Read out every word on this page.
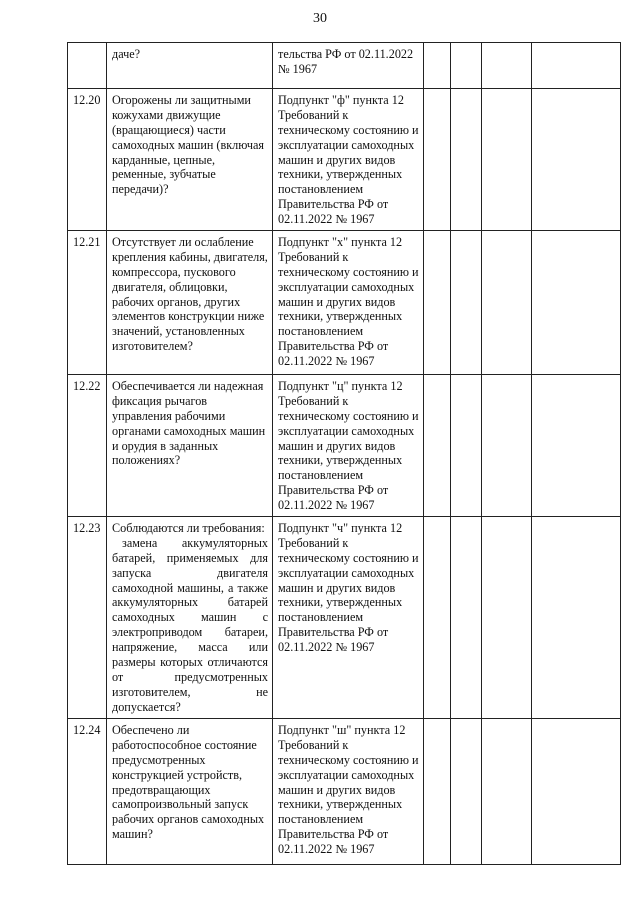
30
	даче?	тельства РФ от 02.11.2022 № 1967				
12.20	Огорожены ли защитными кожухами движущие (вращающиеся) части самоходных машин (включая карданные, цепные, ременные, зубчатые передачи)?	Подпункт "ф" пункта 12 Требований к техническому состоянию и эксплуатации самоходных машин и других видов техники, утвержденных постановлением Правительства РФ от 02.11.2022 № 1967				
12.21	Отсутствует ли ослабление крепления кабины, двигателя, компрессора, пускового двигателя, облицовки, рабочих органов, других элементов конструкции ниже значений, установленных изготовителем?	Подпункт "х" пункта 12 Требований к техническому состоянию и эксплуатации самоходных машин и других видов техники, утвержденных постановлением Правительства РФ от 02.11.2022 № 1967				
12.22	Обеспечивается ли надежная фиксация рычагов управления рабочими органами самоходных машин и орудия в заданных положениях?	Подпункт "ц" пункта 12 Требований к техническому состоянию и эксплуатации самоходных машин и других видов техники, утвержденных постановлением Правительства РФ от 02.11.2022 № 1967				
12.23	Соблюдаются ли требования:
замена аккумуляторных батарей, применяемых для запуска двигателя самоходной машины, а также аккумуляторных батарей самоходных машин с электроприводом батареи, напряжение, масса или размеры которых отличаются от предусмотренных изготовителем, не допускается?	Подпункт "ч" пункта 12 Требований к техническому состоянию и эксплуатации самоходных машин и других видов техники, утвержденных постановлением Правительства РФ от 02.11.2022 № 1967				
12.24	Обеспечено ли работоспособное состояние предусмотренных конструкцией устройств, предотвращающих самопроизвольный запуск рабочих органов самоходных машин?	Подпункт "ш" пункта 12 Требований к техническому состоянию и эксплуатации самоходных машин и других видов техники, утвержденных постановлением Правительства РФ от 02.11.2022 № 1967				
